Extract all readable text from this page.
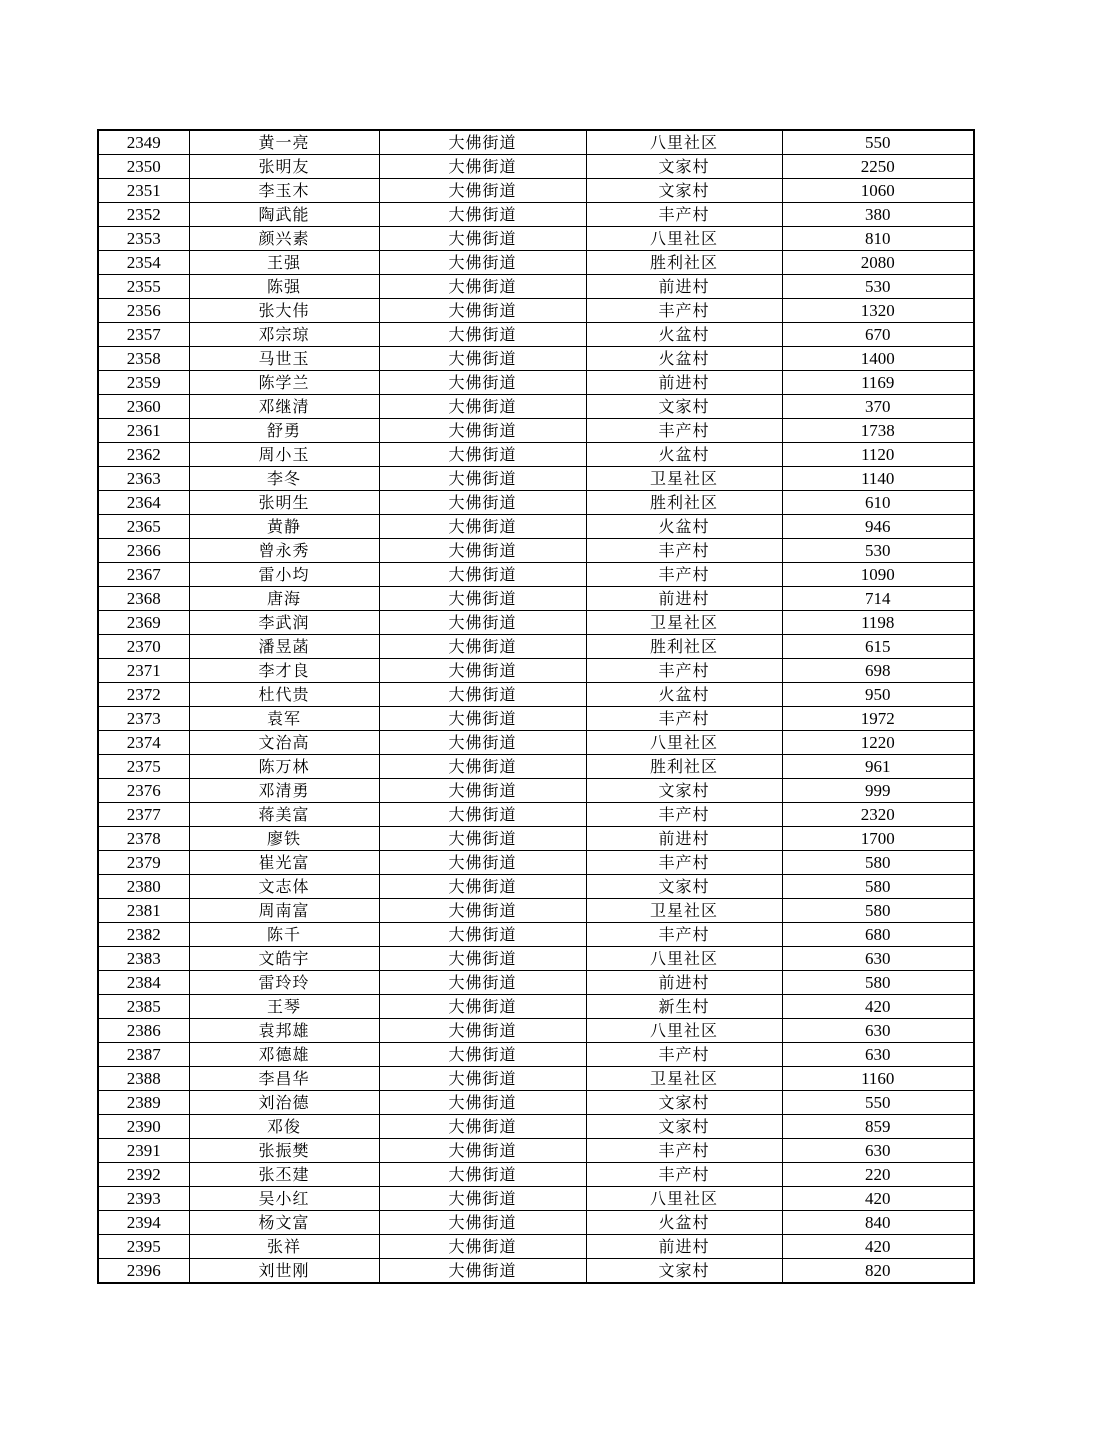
2349	黄一亮	大佛街道	八里社区	550
2350	张明友	大佛街道	文家村	2250
2351	李玉木	大佛街道	文家村	1060
2352	陶武能	大佛街道	丰产村	380
2353	颜兴素	大佛街道	八里社区	810
2354	王强	大佛街道	胜利社区	2080
2355	陈强	大佛街道	前进村	530
2356	张大伟	大佛街道	丰产村	1320
2357	邓宗琼	大佛街道	火盆村	670
2358	马世玉	大佛街道	火盆村	1400
2359	陈学兰	大佛街道	前进村	1169
2360	邓继清	大佛街道	文家村	370
2361	舒勇	大佛街道	丰产村	1738
2362	周小玉	大佛街道	火盆村	1120
2363	李冬	大佛街道	卫星社区	1140
2364	张明生	大佛街道	胜利社区	610
2365	黄静	大佛街道	火盆村	946
2366	曾永秀	大佛街道	丰产村	530
2367	雷小均	大佛街道	丰产村	1090
2368	唐海	大佛街道	前进村	714
2369	李武润	大佛街道	卫星社区	1198
2370	潘昱菡	大佛街道	胜利社区	615
2371	李才良	大佛街道	丰产村	698
2372	杜代贵	大佛街道	火盆村	950
2373	袁军	大佛街道	丰产村	1972
2374	文治高	大佛街道	八里社区	1220
2375	陈万林	大佛街道	胜利社区	961
2376	邓清勇	大佛街道	文家村	999
2377	蒋美富	大佛街道	丰产村	2320
2378	廖铁	大佛街道	前进村	1700
2379	崔光富	大佛街道	丰产村	580
2380	文志体	大佛街道	文家村	580
2381	周南富	大佛街道	卫星社区	580
2382	陈千	大佛街道	丰产村	680
2383	文皓宇	大佛街道	八里社区	630
2384	雷玲玲	大佛街道	前进村	580
2385	王琴	大佛街道	新生村	420
2386	袁邦雄	大佛街道	八里社区	630
2387	邓德雄	大佛街道	丰产村	630
2388	李昌华	大佛街道	卫星社区	1160
2389	刘治德	大佛街道	文家村	550
2390	邓俊	大佛街道	文家村	859
2391	张振樊	大佛街道	丰产村	630
2392	张丕建	大佛街道	丰产村	220
2393	吴小红	大佛街道	八里社区	420
2394	杨文富	大佛街道	火盆村	840
2395	张祥	大佛街道	前进村	420
2396	刘世刚	大佛街道	文家村	820
